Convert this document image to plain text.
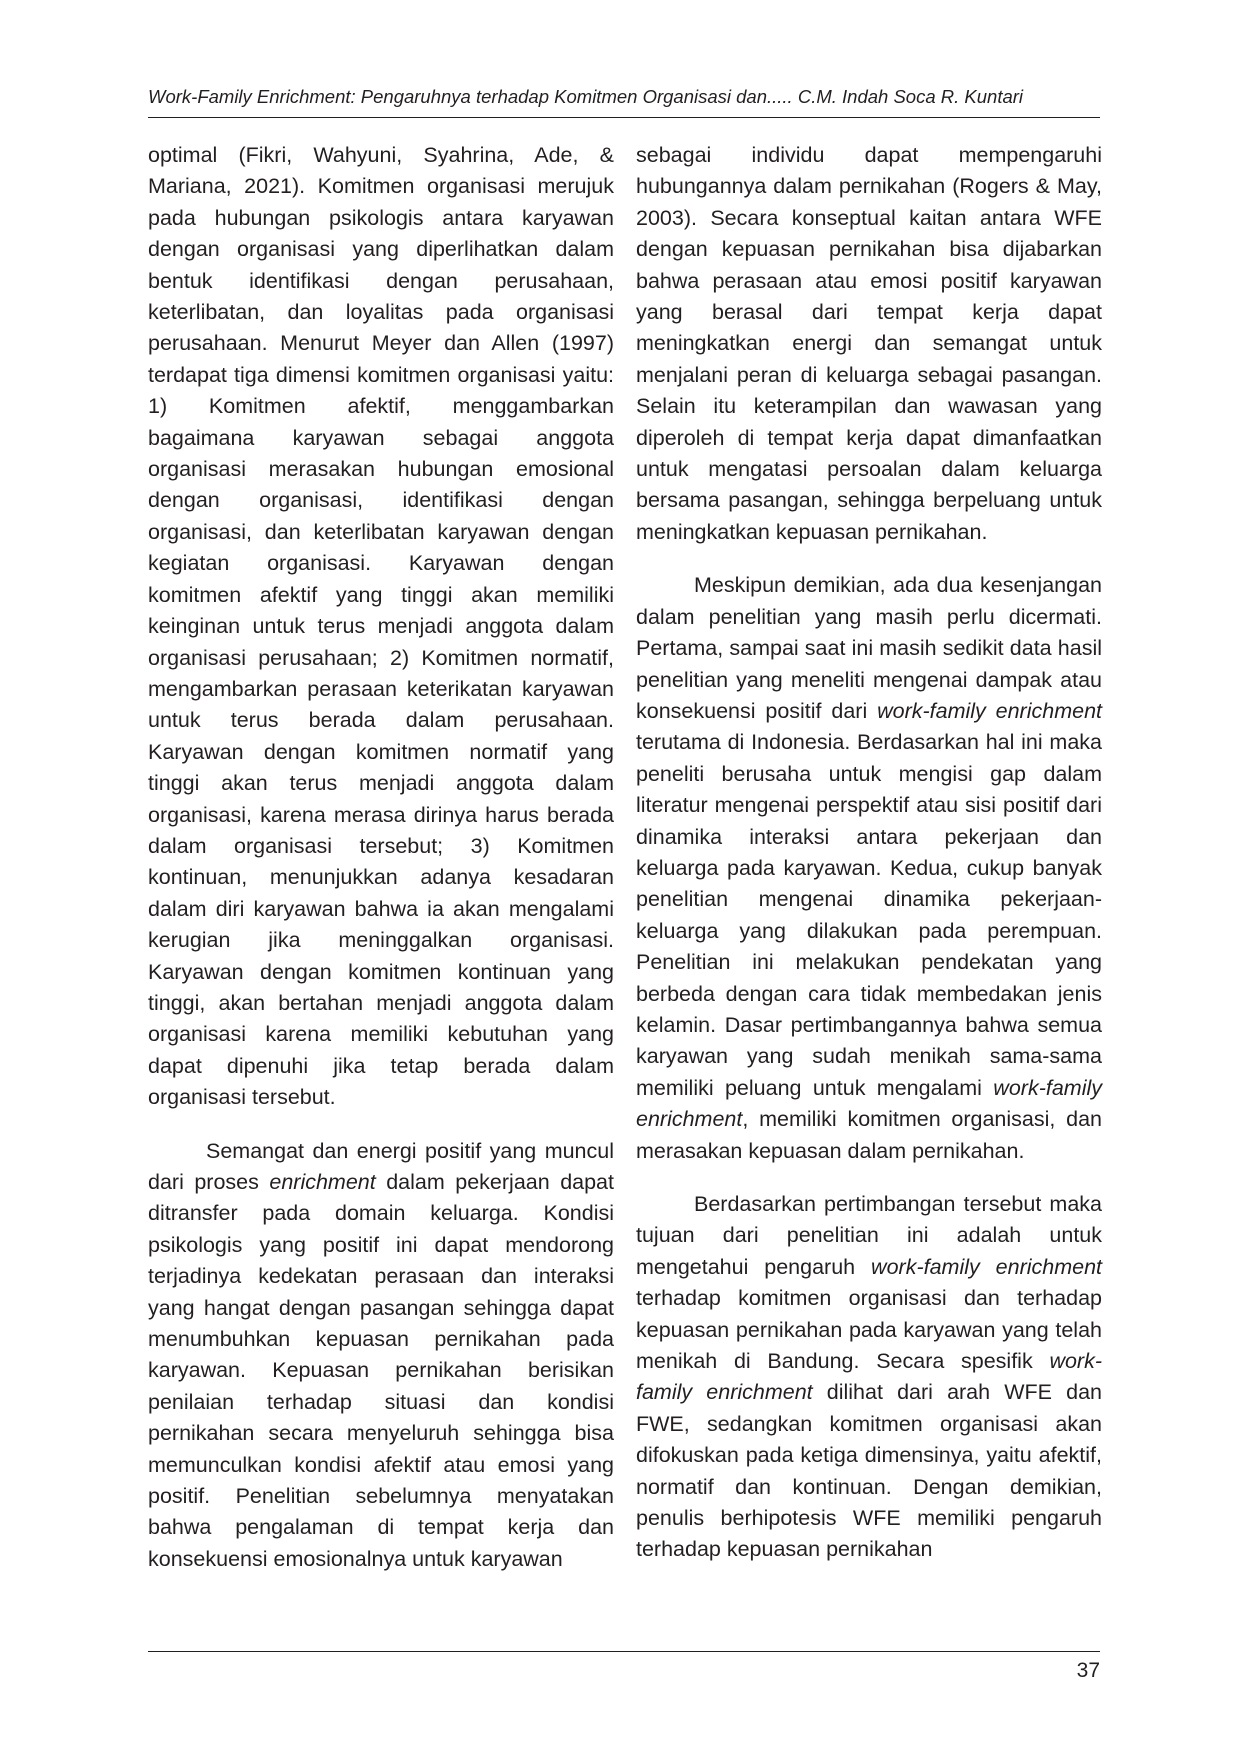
Work-Family Enrichment: Pengaruhnya terhadap Komitmen Organisasi dan..... C.M. Indah Soca R. Kuntari

optimal (Fikri, Wahyuni, Syahrina, Ade, & Mariana, 2021). Komitmen organisasi merujuk pada hubungan psikologis antara karyawan dengan organisasi yang diperlihatkan dalam bentuk identifikasi dengan perusahaan, keterlibatan, dan loyalitas pada organisasi perusahaan. Menurut Meyer dan Allen (1997) terdapat tiga dimensi komitmen organisasi yaitu: 1) Komitmen afektif, menggambarkan bagaimana karyawan sebagai anggota organisasi merasakan hubungan emosional dengan organisasi, identifikasi dengan organisasi, dan keterlibatan karyawan dengan kegiatan organisasi. Karyawan dengan komitmen afektif yang tinggi akan memiliki keinginan untuk terus menjadi anggota dalam organisasi perusahaan; 2) Komitmen normatif, mengambarkan perasaan keterikatan karyawan untuk terus berada dalam perusahaan. Karyawan dengan komitmen normatif yang tinggi akan terus menjadi anggota dalam organisasi, karena merasa dirinya harus berada dalam organisasi tersebut; 3) Komitmen kontinuan, menunjukkan adanya kesadaran dalam diri karyawan bahwa ia akan mengalami kerugian jika meninggalkan organisasi. Karyawan dengan komitmen kontinuan yang tinggi, akan bertahan menjadi anggota dalam organisasi karena memiliki kebutuhan yang dapat dipenuhi jika tetap berada dalam organisasi tersebut.

Semangat dan energi positif yang muncul dari proses enrichment dalam pekerjaan dapat ditransfer pada domain keluarga. Kondisi psikologis yang positif ini dapat mendorong terjadinya kedekatan perasaan dan interaksi yang hangat dengan pasangan sehingga dapat menumbuhkan kepuasan pernikahan pada karyawan. Kepuasan pernikahan berisikan penilaian terhadap situasi dan kondisi pernikahan secara menyeluruh sehingga bisa memunculkan kondisi afektif atau emosi yang positif. Penelitian sebelumnya menyatakan bahwa pengalaman di tempat kerja dan konsekuensi emosionalnya untuk karyawan

sebagai individu dapat mempengaruhi hubungannya dalam pernikahan (Rogers & May, 2003). Secara konseptual kaitan antara WFE dengan kepuasan pernikahan bisa dijabarkan bahwa perasaan atau emosi positif karyawan yang berasal dari tempat kerja dapat meningkatkan energi dan semangat untuk menjalani peran di keluarga sebagai pasangan. Selain itu keterampilan dan wawasan yang diperoleh di tempat kerja dapat dimanfaatkan untuk mengatasi persoalan dalam keluarga bersama pasangan, sehingga berpeluang untuk meningkatkan kepuasan pernikahan.

Meskipun demikian, ada dua kesenjangan dalam penelitian yang masih perlu dicermati. Pertama, sampai saat ini masih sedikit data hasil penelitian yang meneliti mengenai dampak atau konsekuensi positif dari work-family enrichment terutama di Indonesia. Berdasarkan hal ini maka peneliti berusaha untuk mengisi gap dalam literatur mengenai perspektif atau sisi positif dari dinamika interaksi antara pekerjaan dan keluarga pada karyawan. Kedua, cukup banyak penelitian mengenai dinamika pekerjaan-keluarga yang dilakukan pada perempuan. Penelitian ini melakukan pendekatan yang berbeda dengan cara tidak membedakan jenis kelamin. Dasar pertimbangannya bahwa semua karyawan yang sudah menikah sama-sama memiliki peluang untuk mengalami work-family enrichment, memiliki komitmen organisasi, dan merasakan kepuasan dalam pernikahan.

Berdasarkan pertimbangan tersebut maka tujuan dari penelitian ini adalah untuk mengetahui pengaruh work-family enrichment terhadap komitmen organisasi dan terhadap kepuasan pernikahan pada karyawan yang telah menikah di Bandung. Secara spesifik work-family enrichment dilihat dari arah WFE dan FWE, sedangkan komitmen organisasi akan difokuskan pada ketiga dimensinya, yaitu afektif, normatif dan kontinuan. Dengan demikian, penulis berhipotesis WFE memiliki pengaruh terhadap kepuasan pernikahan

37
